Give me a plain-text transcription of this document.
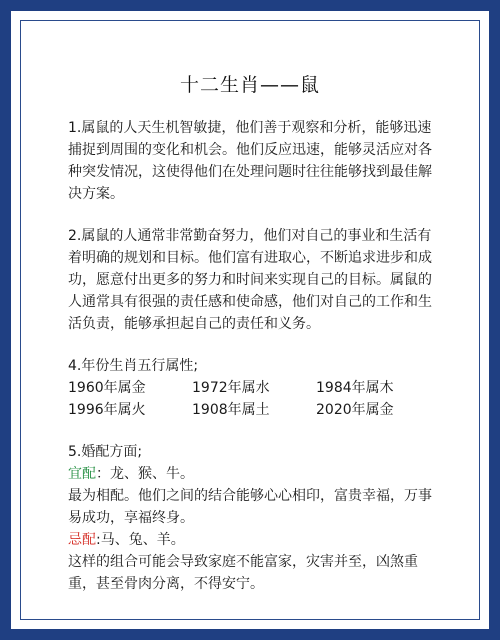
十二生肖——鼠

1.属鼠的人天生机智敏捷，他们善于观察和分析，能够迅速捕捉到周围的变化和机会。他们反应迅速，能够灵活应对各种突发情况，这使得他们在处理问题时往往能够找到最佳解决方案。

2.属鼠的人通常非常勤奋努力，他们对自己的事业和生活有着明确的规划和目标。他们富有进取心，不断追求进步和成功，愿意付出更多的努力和时间来实现自己的目标。属鼠的人通常具有很强的责任感和使命感，他们对自己的工作和生活负责，能够承担起自己的责任和义务。

4.年份生肖五行属性;

1960年属金	1972年属水	1984年属木
1996年属火	1908年属土	2020年属金

5.婚配方面;

宜配：龙、猴、牛。

最为相配。他们之间的结合能够心心相印，富贵幸福，万事易成功，享福终身。

忌配:马、兔、羊。

这样的组合可能会导致家庭不能富家，灾害并至，凶煞重重，甚至骨肉分离，不得安宁。
